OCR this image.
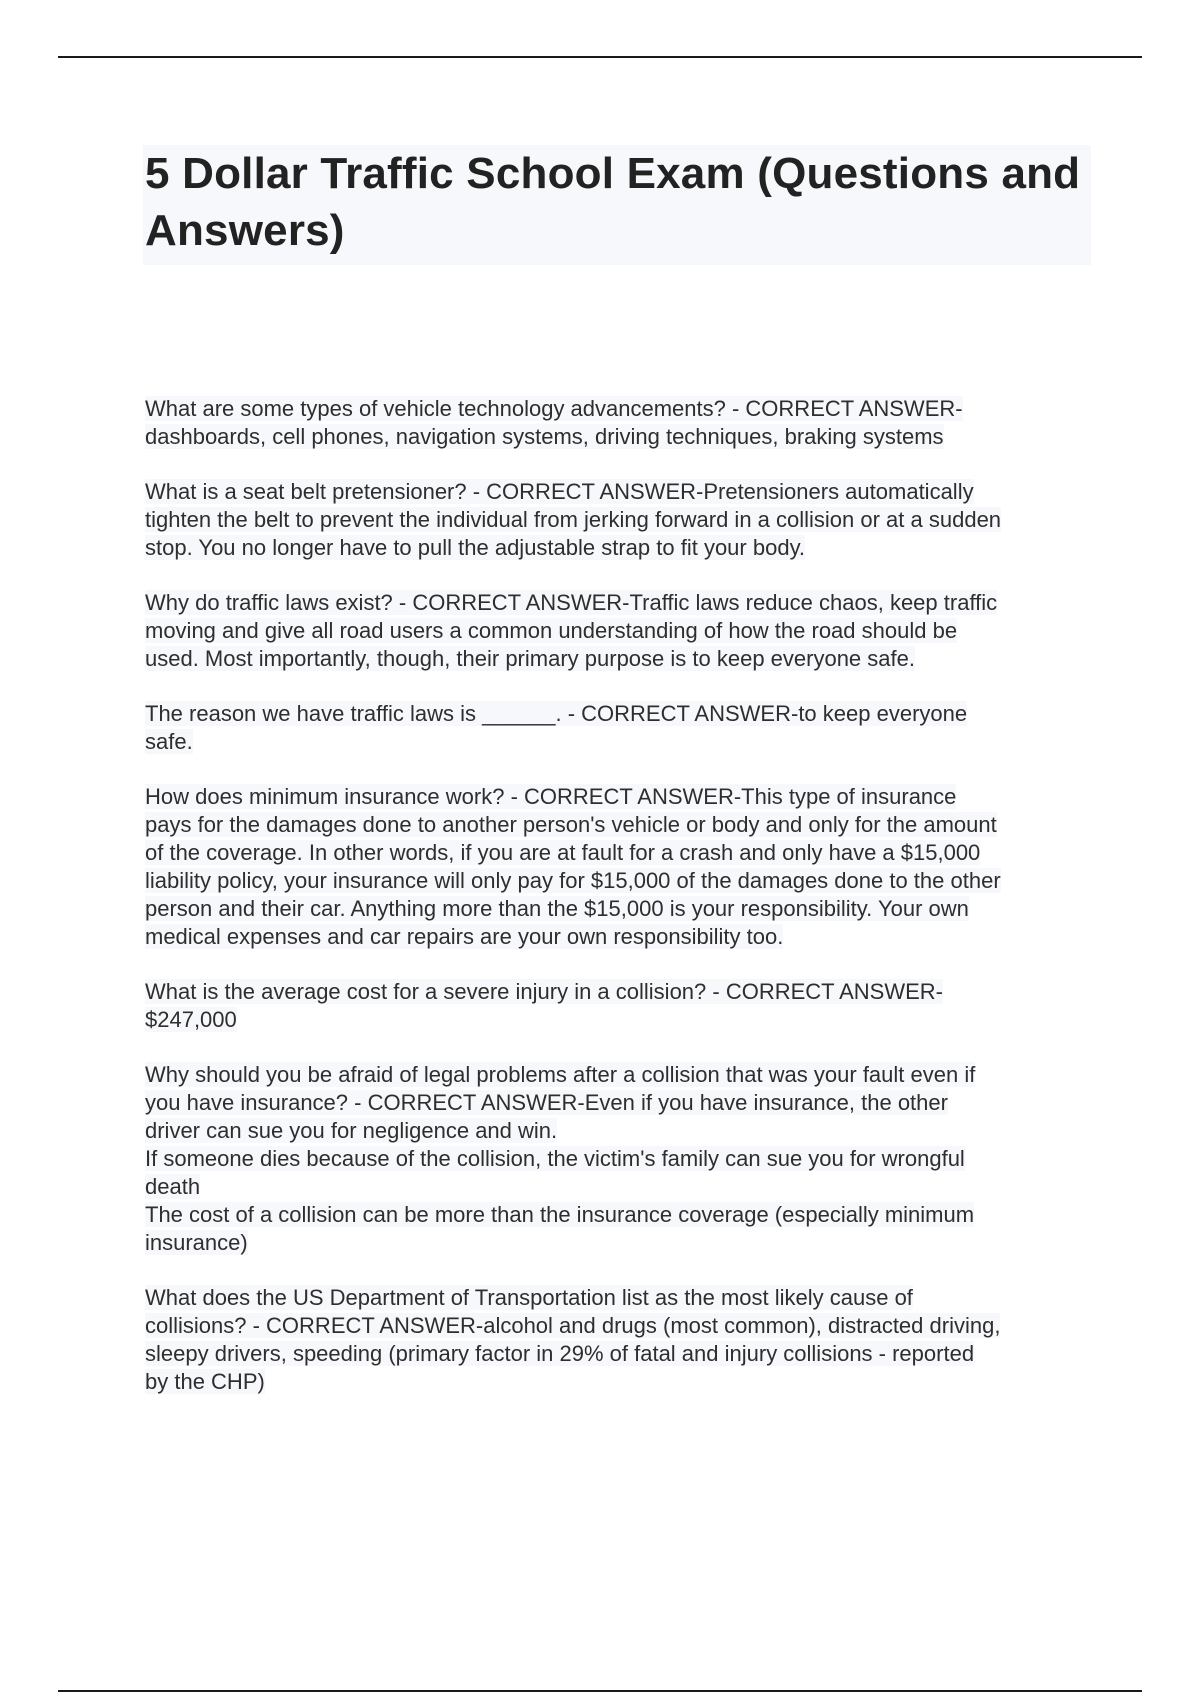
5 Dollar Traffic School Exam (Questions and Answers)

What are some types of vehicle technology advancements? - CORRECT ANSWER-
dashboards, cell phones, navigation systems, driving techniques, braking systems

What is a seat belt pretensioner? - CORRECT ANSWER-Pretensioners automatically
tighten the belt to prevent the individual from jerking forward in a collision or at a sudden
stop. You no longer have to pull the adjustable strap to fit your body.

Why do traffic laws exist? - CORRECT ANSWER-Traffic laws reduce chaos, keep traffic
moving and give all road users a common understanding of how the road should be
used. Most importantly, though, their primary purpose is to keep everyone safe.

The reason we have traffic laws is ______. - CORRECT ANSWER-to keep everyone
safe.

How does minimum insurance work? - CORRECT ANSWER-This type of insurance
pays for the damages done to another person's vehicle or body and only for the amount
of the coverage. In other words, if you are at fault for a crash and only have a $15,000
liability policy, your insurance will only pay for $15,000 of the damages done to the other
person and their car. Anything more than the $15,000 is your responsibility. Your own
medical expenses and car repairs are your own responsibility too.

What is the average cost for a severe injury in a collision? - CORRECT ANSWER-
$247,000

Why should you be afraid of legal problems after a collision that was your fault even if
you have insurance? - CORRECT ANSWER-Even if you have insurance, the other
driver can sue you for negligence and win.
If someone dies because of the collision, the victim's family can sue you for wrongful
death
The cost of a collision can be more than the insurance coverage (especially minimum
insurance)

What does the US Department of Transportation list as the most likely cause of
collisions? - CORRECT ANSWER-alcohol and drugs (most common), distracted driving,
sleepy drivers, speeding (primary factor in 29% of fatal and injury collisions - reported
by the CHP)
